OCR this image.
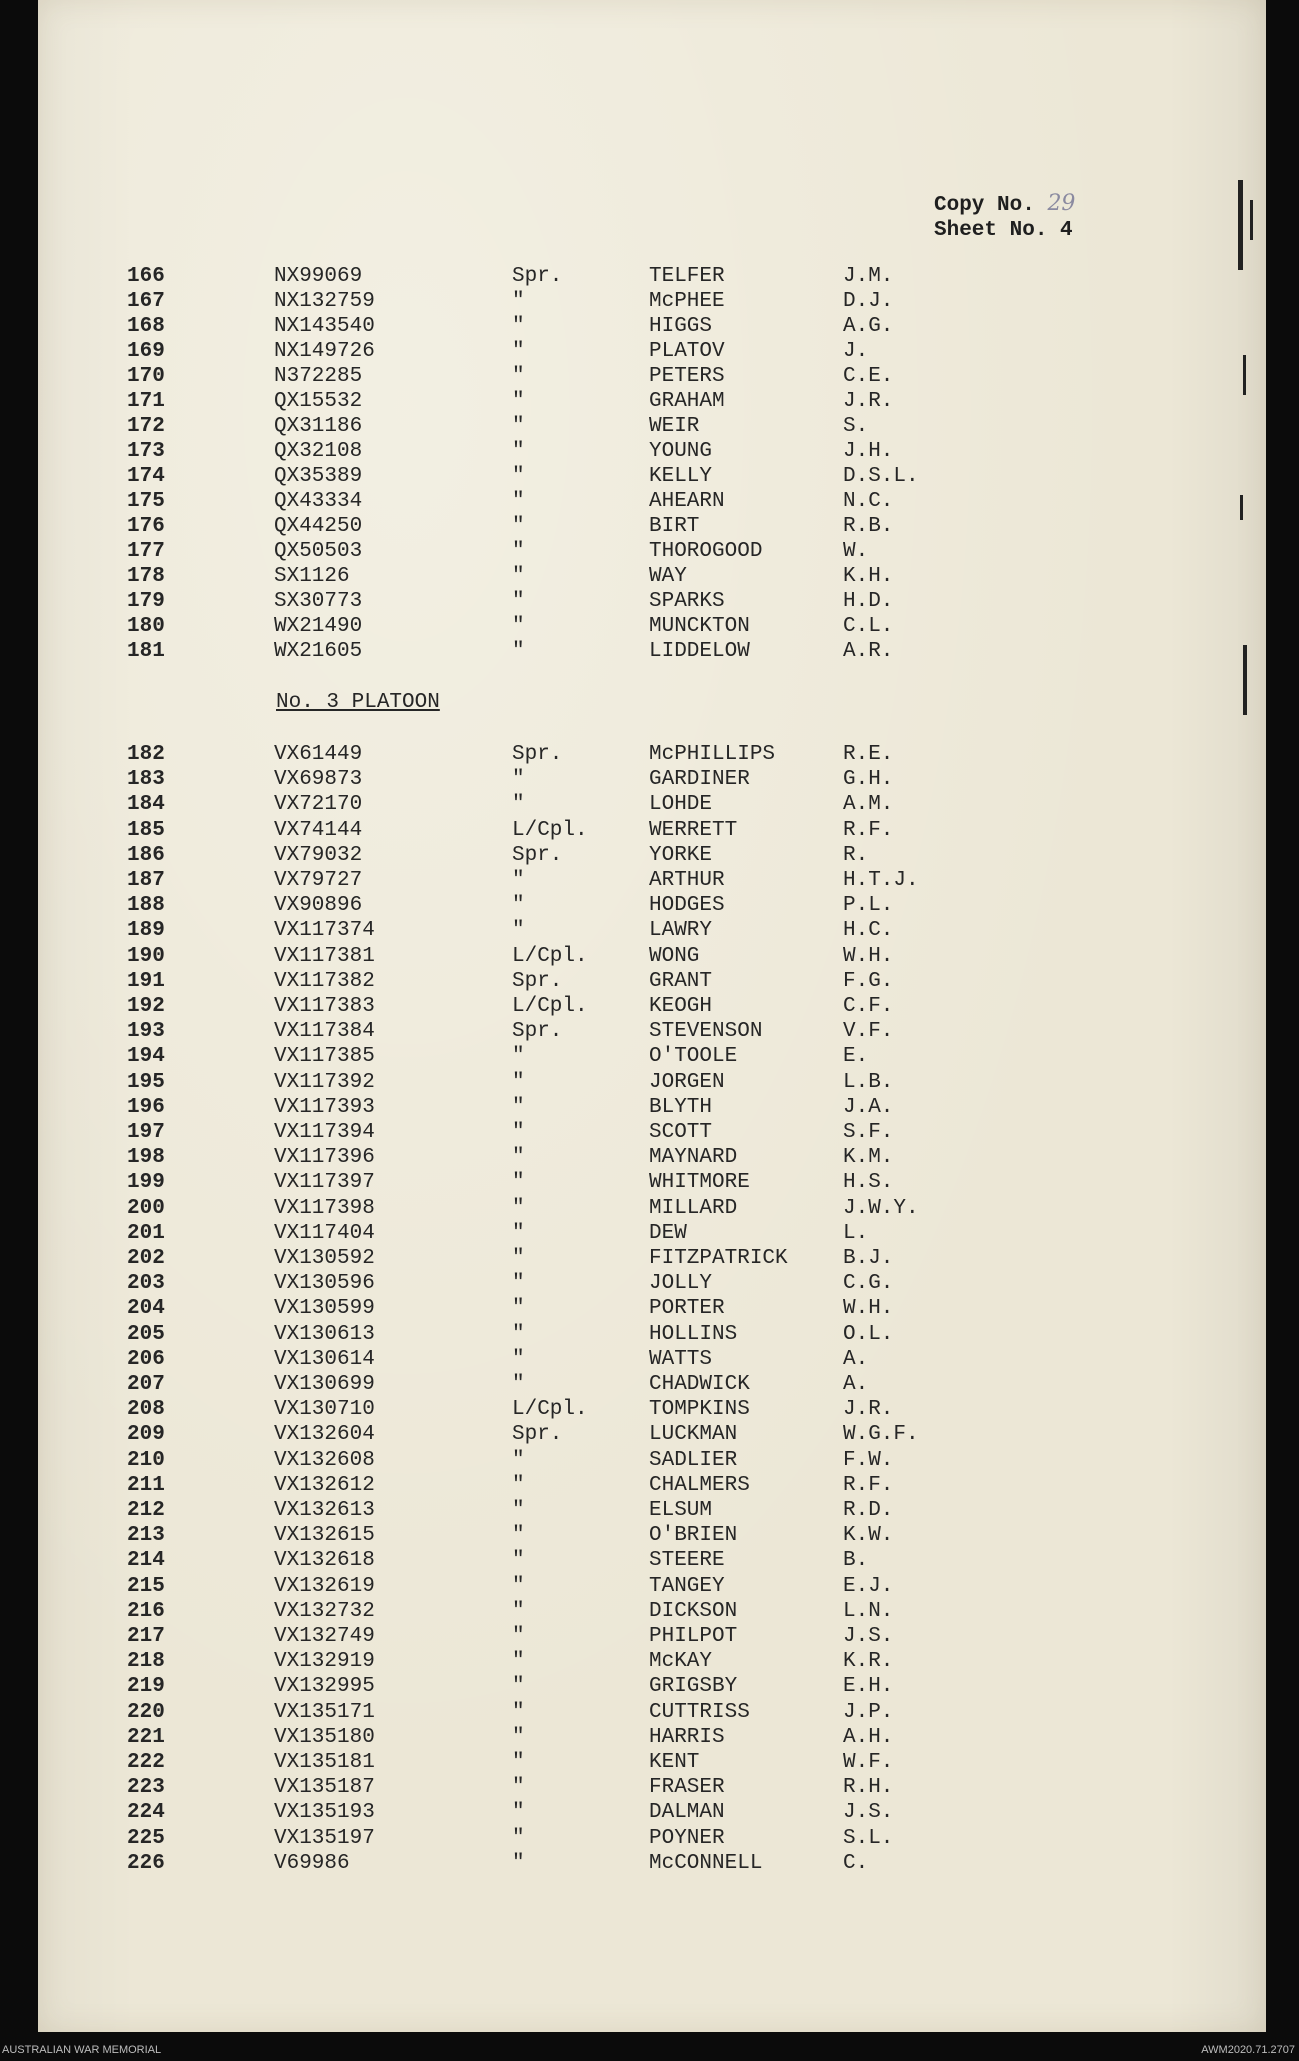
Copy No. 29
Sheet No. 4
166	NX99069	Spr.	TELFER	J.M.
167	NX132759	"	McPHEE	D.J.
168	NX143540	"	HIGGS	A.G.
169	NX149726	"	PLATOV	J.
170	N372285	"	PETERS	C.E.
171	QX15532	"	GRAHAM	J.R.
172	QX31186	"	WEIR	S.
173	QX32108	"	YOUNG	J.H.
174	QX35389	"	KELLY	D.S.L.
175	QX43334	"	AHEARN	N.C.
176	QX44250	"	BIRT	R.B.
177	QX50503	"	THOROGOOD	W.
178	SX1126	"	WAY	K.H.
179	SX30773	"	SPARKS	H.D.
180	WX21490	"	MUNCKTON	C.L.
181	WX21605	"	LIDDELOW	A.R.
No. 3 PLATOON
182	VX61449	Spr.	McPHILLIPS	R.E.
183	VX69873	"	GARDINER	G.H.
184	VX72170	"	LOHDE	A.M.
185	VX74144	L/Cpl.	WERRETT	R.F.
186	VX79032	Spr.	YORKE	R.
187	VX79727	"	ARTHUR	H.T.J.
188	VX90896	"	HODGES	P.L.
189	VX117374	"	LAWRY	H.C.
190	VX117381	L/Cpl.	WONG	W.H.
191	VX117382	Spr.	GRANT	F.G.
192	VX117383	L/Cpl.	KEOGH	C.F.
193	VX117384	Spr.	STEVENSON	V.F.
194	VX117385	"	O'TOOLE	E.
195	VX117392	"	JORGEN	L.B.
196	VX117393	"	BLYTH	J.A.
197	VX117394	"	SCOTT	S.F.
198	VX117396	"	MAYNARD	K.M.
199	VX117397	"	WHITMORE	H.S.
200	VX117398	"	MILLARD	J.W.Y.
201	VX117404	"	DEW	L.
202	VX130592	"	FITZPATRICK	B.J.
203	VX130596	"	JOLLY	C.G.
204	VX130599	"	PORTER	W.H.
205	VX130613	"	HOLLINS	O.L.
206	VX130614	"	WATTS	A.
207	VX130699	"	CHADWICK	A.
208	VX130710	L/Cpl.	TOMPKINS	J.R.
209	VX132604	Spr.	LUCKMAN	W.G.F.
210	VX132608	"	SADLIER	F.W.
211	VX132612	"	CHALMERS	R.F.
212	VX132613	"	ELSUM	R.D.
213	VX132615	"	O'BRIEN	K.W.
214	VX132618	"	STEERE	B.
215	VX132619	"	TANGEY	E.J.
216	VX132732	"	DICKSON	L.N.
217	VX132749	"	PHILPOT	J.S.
218	VX132919	"	McKAY	K.R.
219	VX132995	"	GRIGSBY	E.H.
220	VX135171	"	CUTTRISS	J.P.
221	VX135180	"	HARRIS	A.H.
222	VX135181	"	KENT	W.F.
223	VX135187	"	FRASER	R.H.
224	VX135193	"	DALMAN	J.S.
225	VX135197	"	POYNER	S.L.
226	V69986	"	McCONNELL	C.
AUSTRALIAN WAR MEMORIAL	AWM2020.71.2707
